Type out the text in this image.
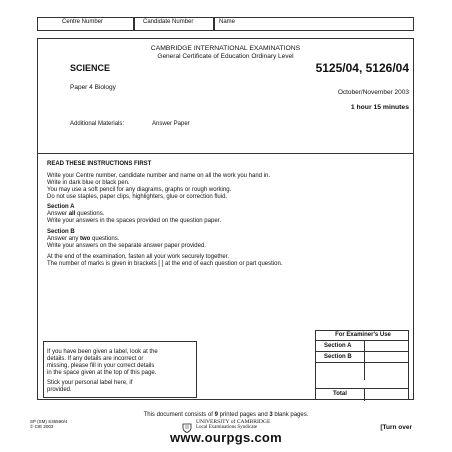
Centre Number	Candidate Number	Name
CAMBRIDGE INTERNATIONAL EXAMINATIONS
General Certificate of Education Ordinary Level
SCIENCE	5125/04, 5126/04
Paper 4 Biology
October/November 2003
1 hour 15 minutes
Additional Materials:	Answer Paper
READ THESE INSTRUCTIONS FIRST
Write your Centre number, candidate number and name on all the work you hand in.
Write in dark blue or black pen.
You may use a soft pencil for any diagrams, graphs or rough working.
Do not use staples, paper clips, highlighters, glue or correction fluid.
Section A
Answer all questions.
Write your answers in the spaces provided on the question paper.
Section B
Answer any two questions.
Write your answers on the separate answer paper provided.
At the end of the examination, fasten all your work securely together.
The number of marks is given in brackets [ ] at the end of each question or part question.
If you have been given a label, look at the
details. If any details are incorrect or
missing, please fill in your correct details
in the space given at the top of this page.
Stick your personal label here, if
provided.
For Examiner's Use
Section A
Section B
Total
This document consists of 9 printed pages and 3 blank pages.
SP (SM) S36590/4
© CIE 2003
UNIVERSITY of CAMBRIDGE
Local Examinations Syndicate	[Turn over
www.ourpgs.com
